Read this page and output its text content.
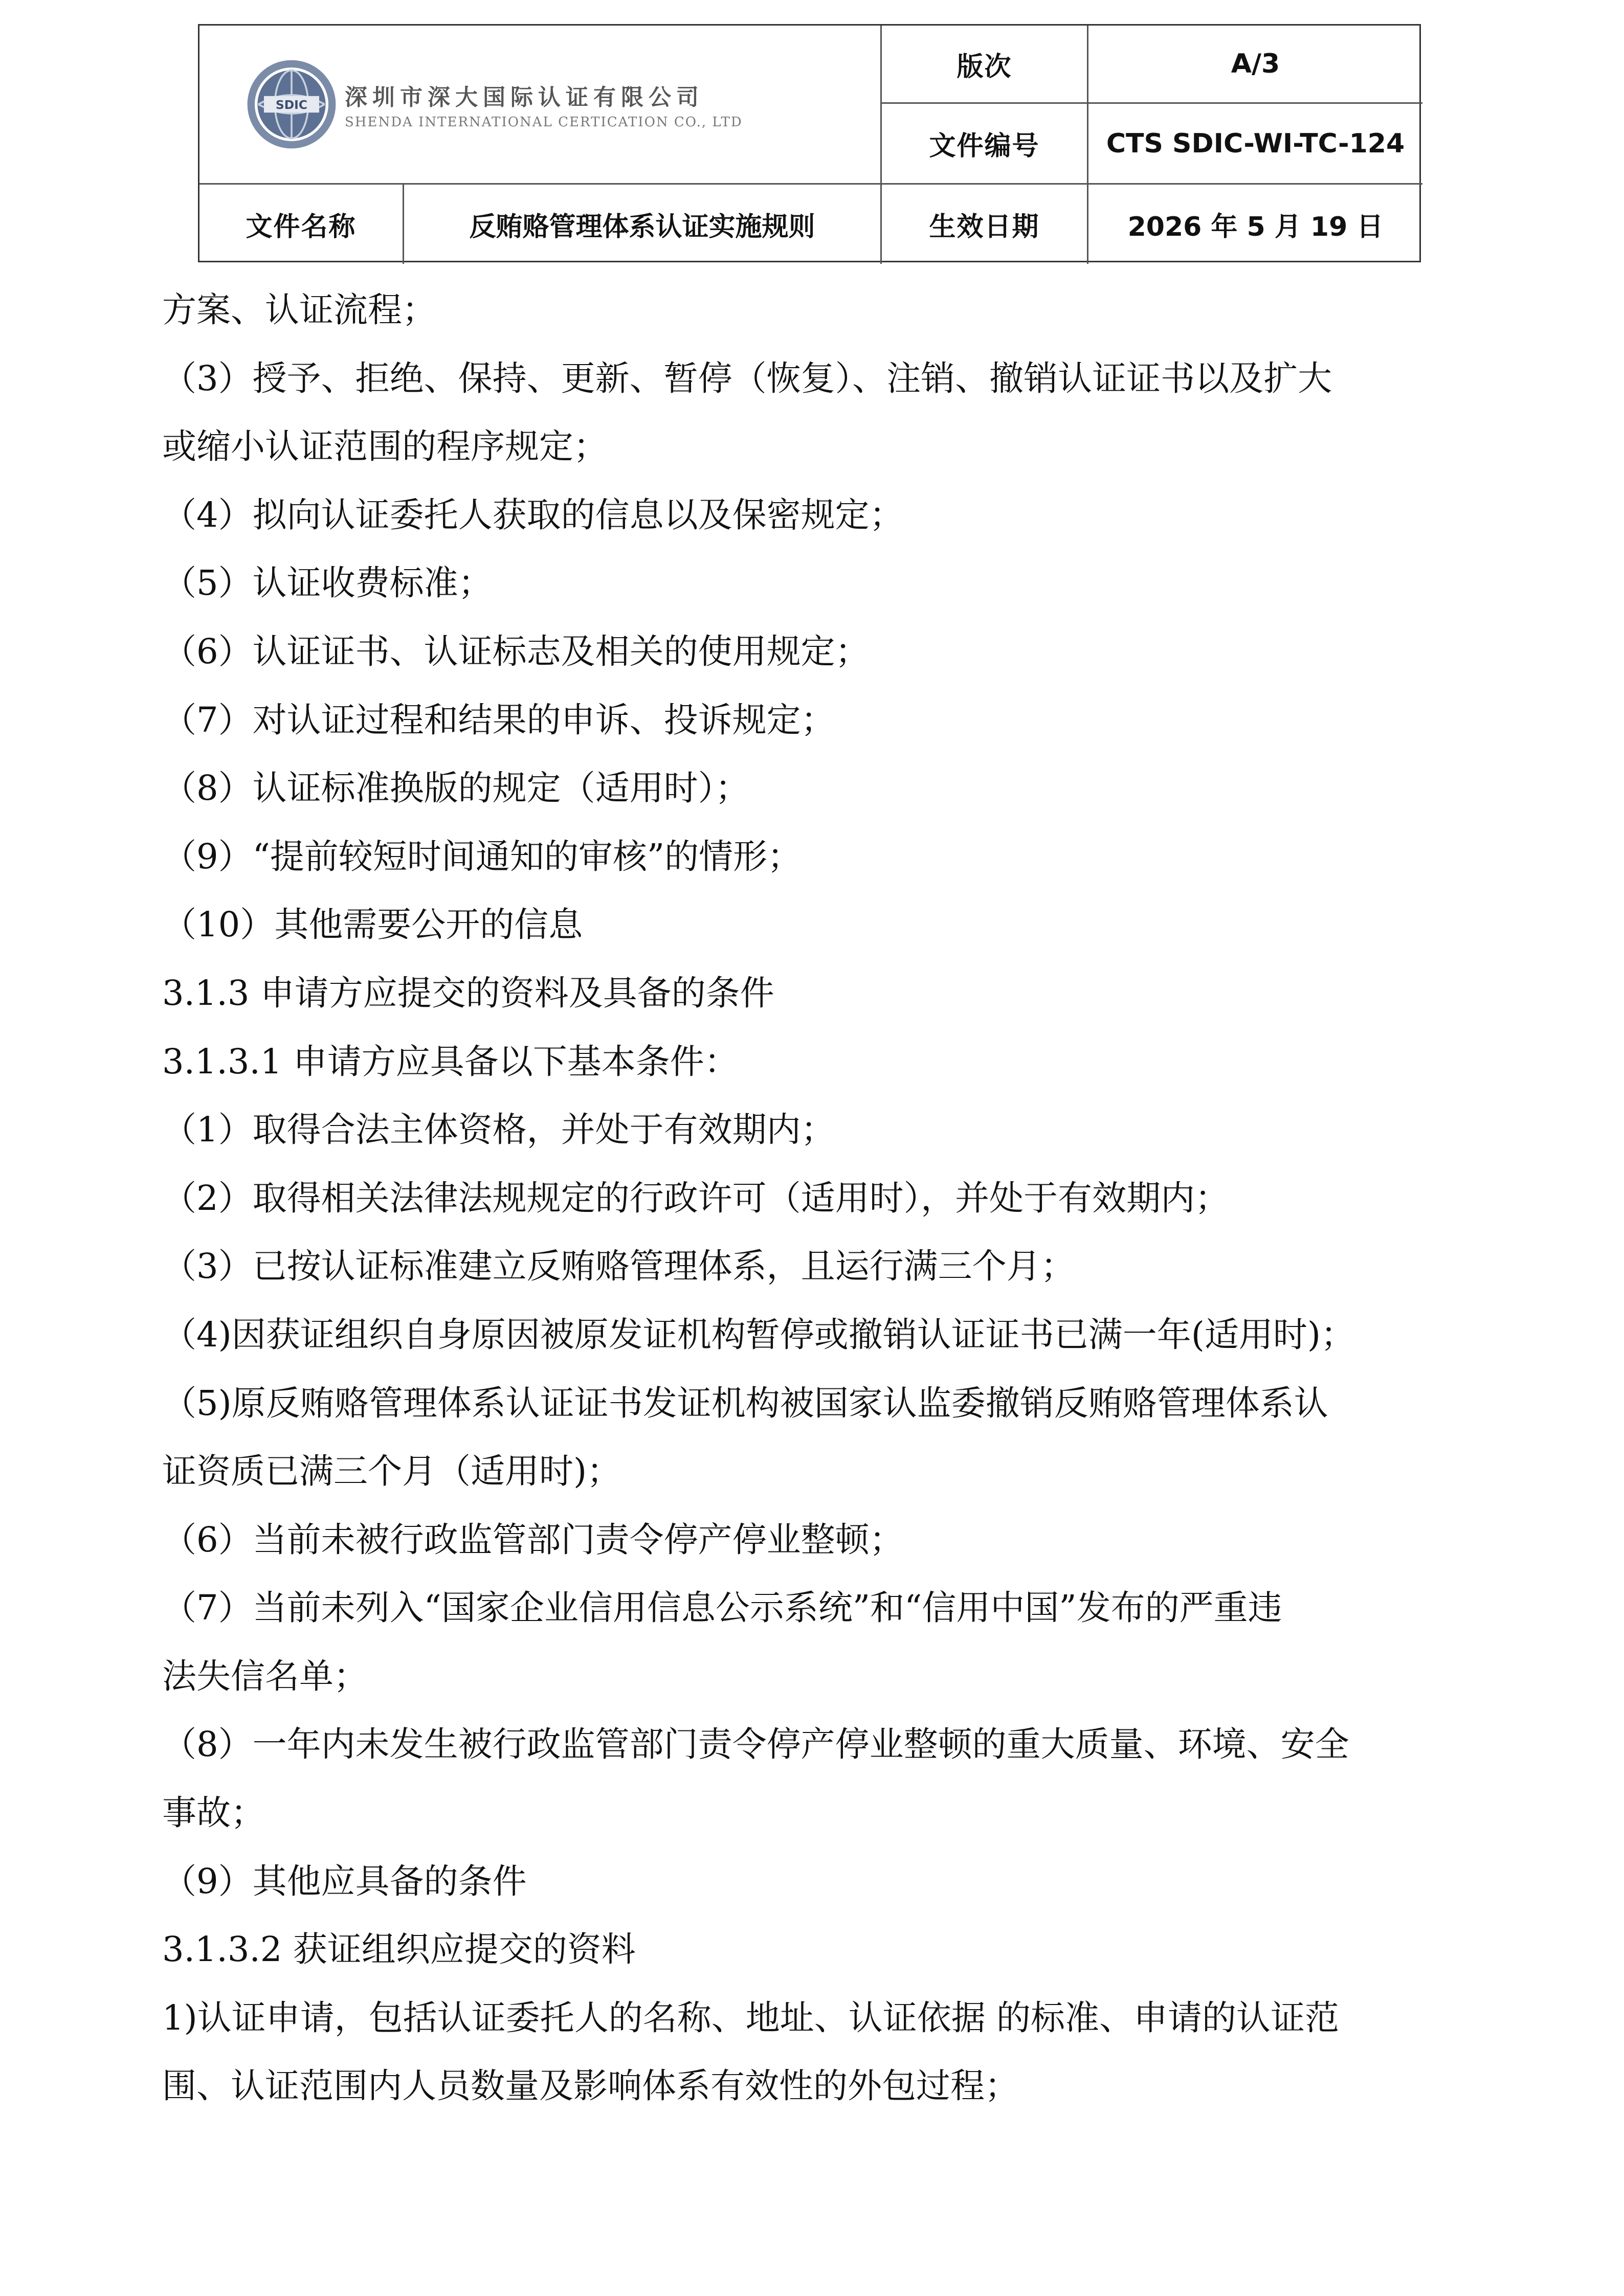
SDIC 深圳市深大国际认证有限公司
SHENDA INTERNATIONAL CERTICATION CO., LTD
版次	A/3
文件编号	CTS SDIC-WI-TC-124
文件名称	反贿赂管理体系认证实施规则	生效日期	2026 年 5 月 19 日

方案、认证流程；

（3）授予、拒绝、保持、更新、暂停（恢复）、注销、撤销认证证书以及扩大

或缩小认证范围的程序规定；

（4）拟向认证委托人获取的信息以及保密规定；

（5）认证收费标准；

（6）认证证书、认证标志及相关的使用规定；

（7）对认证过程和结果的申诉、投诉规定；

（8）认证标准换版的规定（适用时）；

（9）“提前较短时间通知的审核”的情形；

（10）其他需要公开的信息

3.1.3 申请方应提交的资料及具备的条件

3.1.3.1 申请方应具备以下基本条件：

（1）取得合法主体资格，并处于有效期内；

（2）取得相关法律法规规定的行政许可（适用时），并处于有效期内；

（3）已按认证标准建立反贿赂管理体系，且运行满三个月；

（4)因获证组织自身原因被原发证机构暂停或撤销认证证书已满一年(适用时)；

（5)原反贿赂管理体系认证证书发证机构被国家认监委撤销反贿赂管理体系认

证资质已满三个月（适用时)；

（6）当前未被行政监管部门责令停产停业整顿；

（7）当前未列入“国家企业信用信息公示系统”和“信用中国”发布的严重违

法失信名单；

（8）一年内未发生被行政监管部门责令停产停业整顿的重大质量、环境、安全

事故；

（9）其他应具备的条件

3.1.3.2 获证组织应提交的资料

1)认证申请，包括认证委托人的名称、地址、认证依据 的标准、申请的认证范

围、认证范围内人员数量及影响体系有效性的外包过程；
